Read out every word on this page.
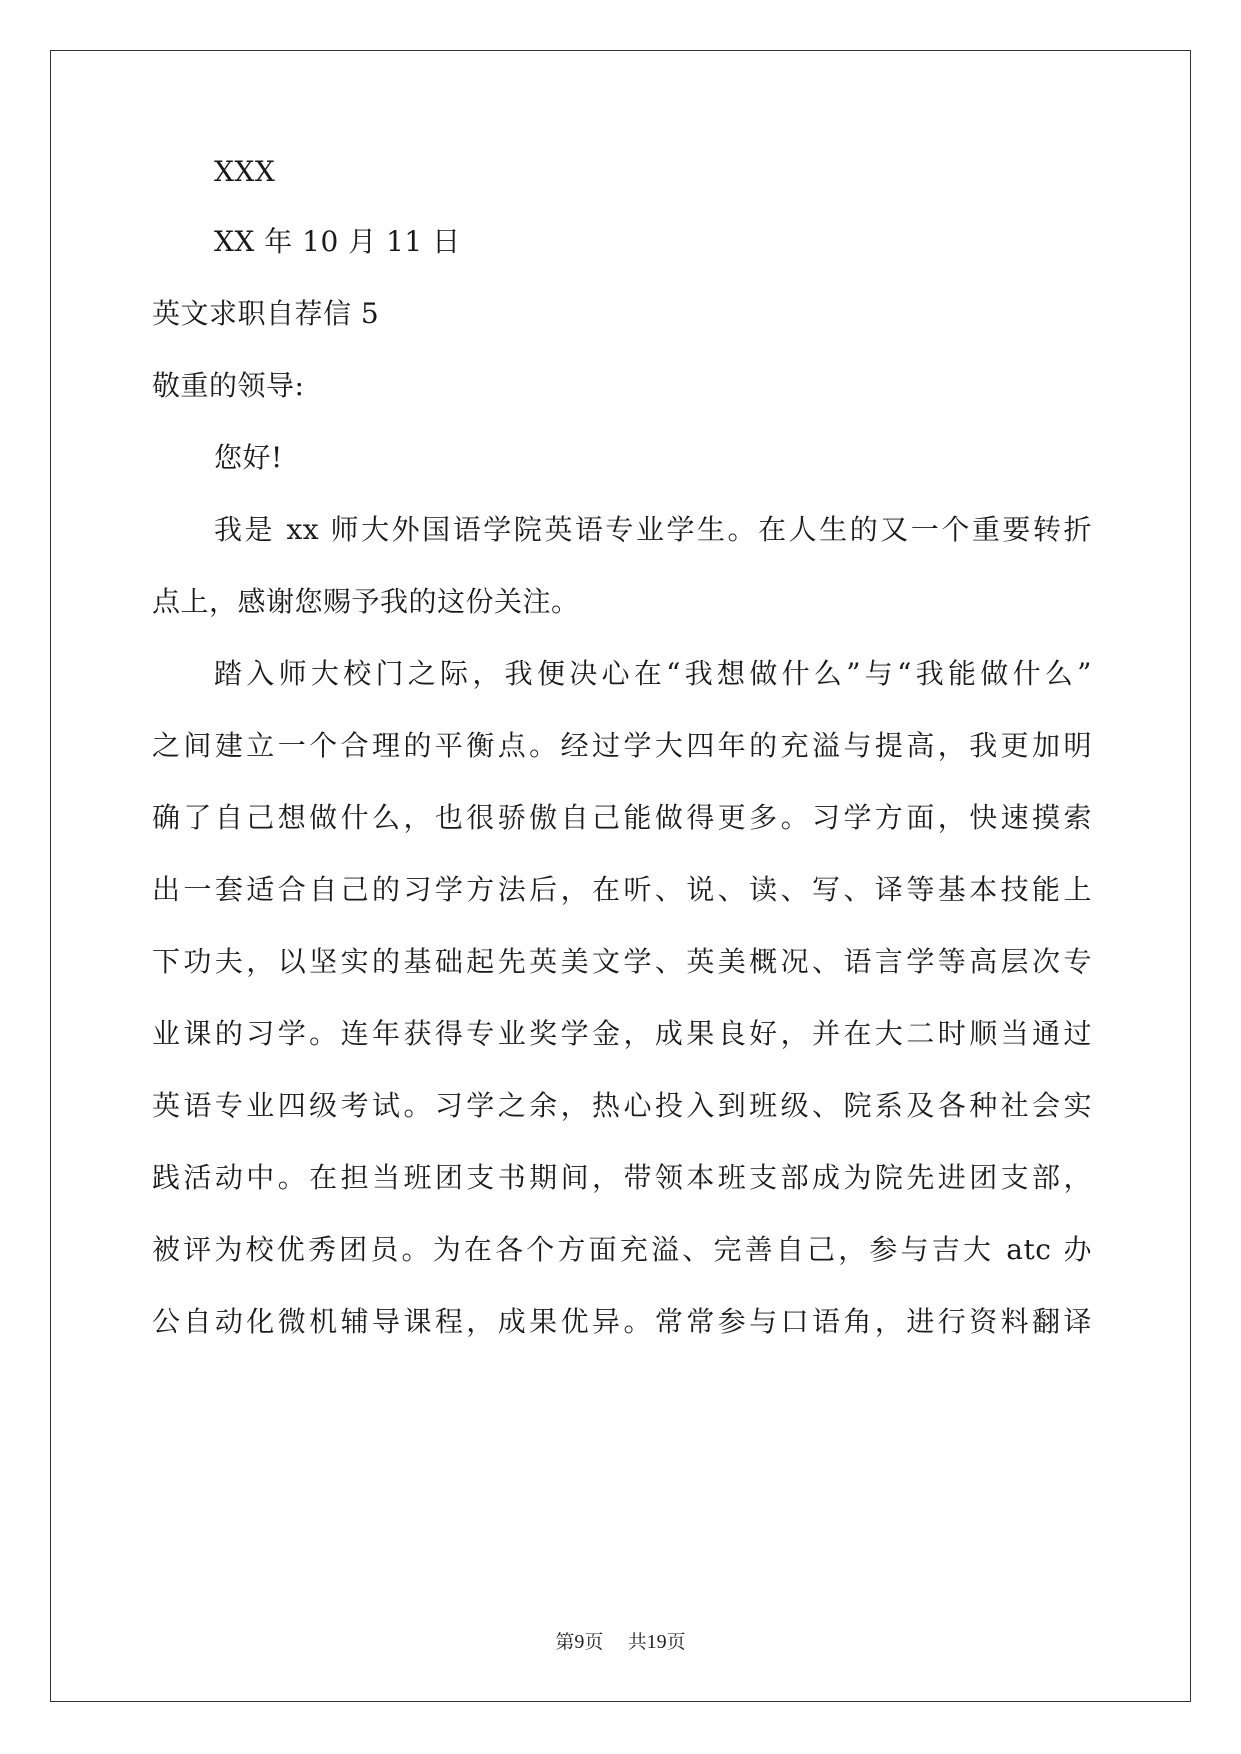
XXX
XX 年 10 月 11 日
英文求职自荐信 5
敬重的领导:
您好!
我是 xx 师大外国语学院英语专业学生。在人生的又一个重要转折
点上，感谢您赐予我的这份关注。
踏入师大校门之际，我便决心在“我想做什么”与“我能做什么”
之间建立一个合理的平衡点。经过学大四年的充溢与提高，我更加明
确了自己想做什么，也很骄傲自己能做得更多。习学方面，快速摸索
出一套适合自己的习学方法后，在听、说、读、写、译等基本技能上
下功夫，以坚实的基础起先英美文学、英美概况、语言学等高层次专
业课的习学。连年获得专业奖学金，成果良好，并在大二时顺当通过
英语专业四级考试。习学之余，热心投入到班级、院系及各种社会实
践活动中。在担当班团支书期间，带领本班支部成为院先进团支部，
被评为校优秀团员。为在各个方面充溢、完善自己，参与吉大 atc 办
公自动化微机辅导课程，成果优异。常常参与口语角，进行资料翻译
第9页 共19页
